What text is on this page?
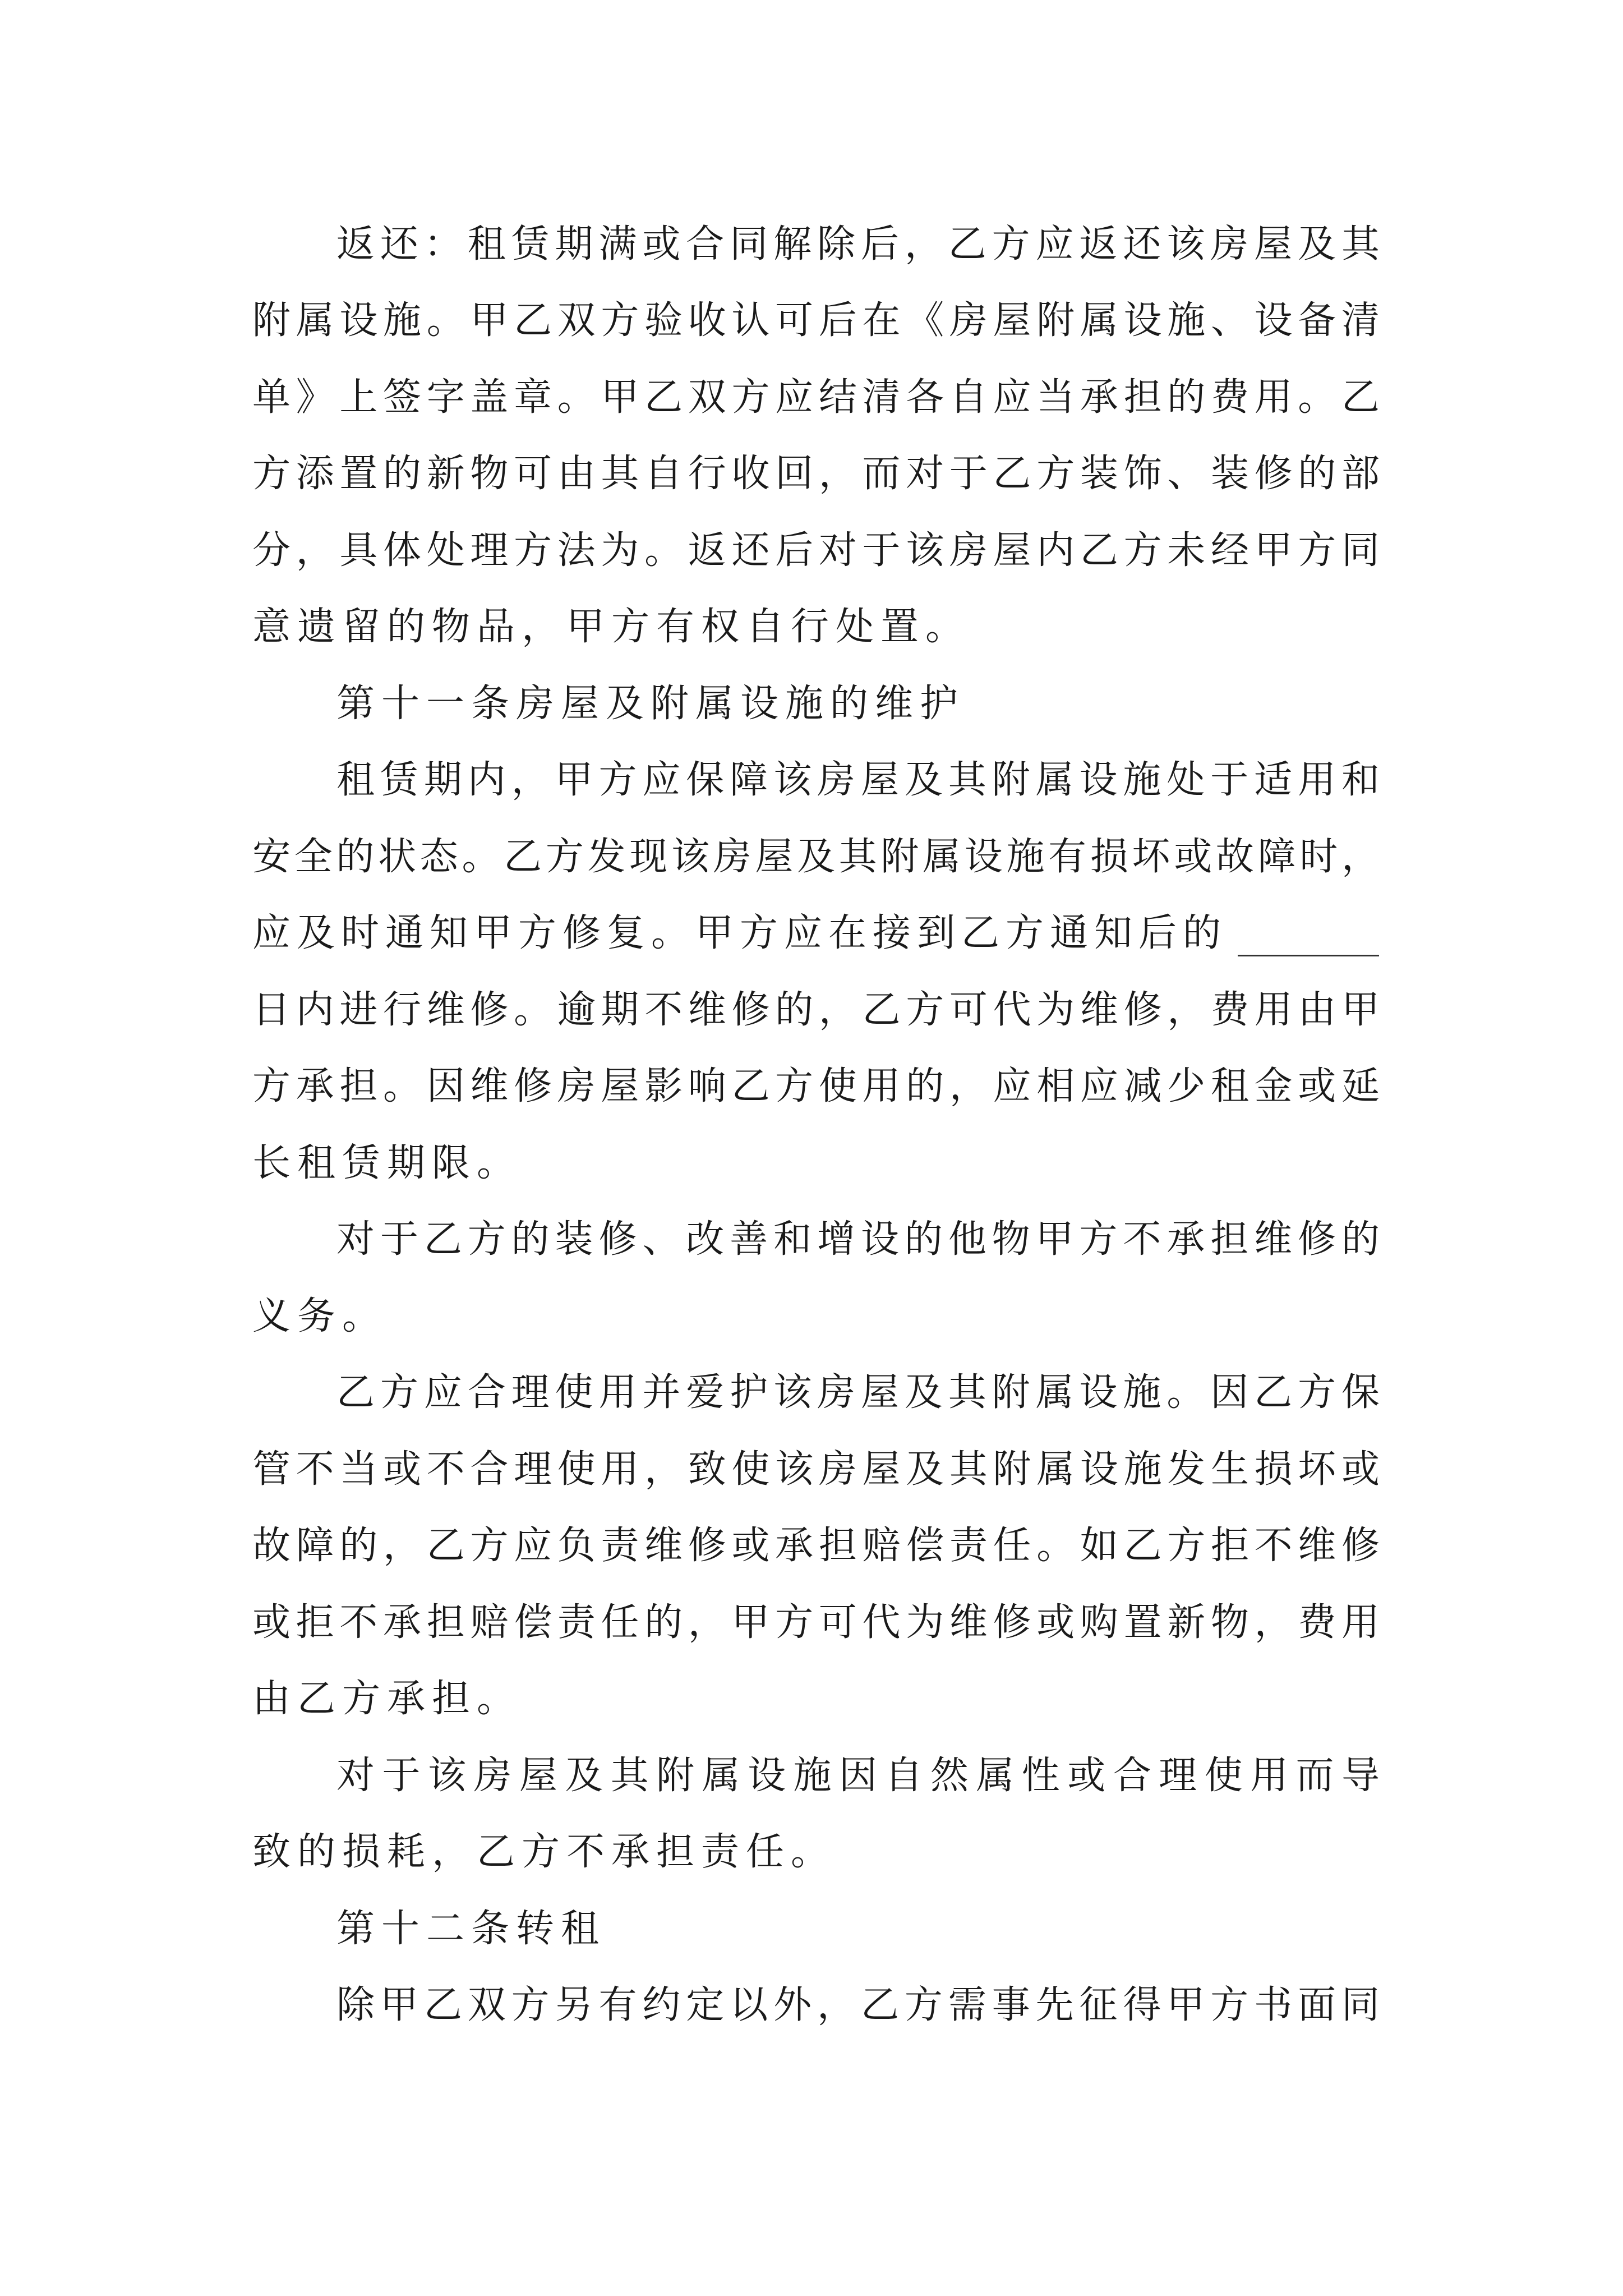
返还：租赁期满或合同解除后，乙方应返还该房屋及其
附属设施。甲乙双方验收认可后在《房屋附属设施、设备清
单》上签字盖章。甲乙双方应结清各自应当承担的费用。乙
方添置的新物可由其自行收回，而对于乙方装饰、装修的部
分，具体处理方法为。返还后对于该房屋内乙方未经甲方同
意遗留的物品，甲方有权自行处置。
第十一条房屋及附属设施的维护
租赁期内，甲方应保障该房屋及其附属设施处于适用和
安全的状态。乙方发现该房屋及其附属设施有损坏或故障时，
应及时通知甲方修复。甲方应在接到乙方通知后的
日内进行维修。逾期不维修的，乙方可代为维修，费用由甲
方承担。因维修房屋影响乙方使用的，应相应减少租金或延
长租赁期限。
对于乙方的装修、改善和增设的他物甲方不承担维修的
义务。
乙方应合理使用并爱护该房屋及其附属设施。因乙方保
管不当或不合理使用，致使该房屋及其附属设施发生损坏或
故障的，乙方应负责维修或承担赔偿责任。如乙方拒不维修
或拒不承担赔偿责任的，甲方可代为维修或购置新物，费用
由乙方承担。
对于该房屋及其附属设施因自然属性或合理使用而导
致的损耗，乙方不承担责任。
第十二条转租
除甲乙双方另有约定以外，乙方需事先征得甲方书面同
